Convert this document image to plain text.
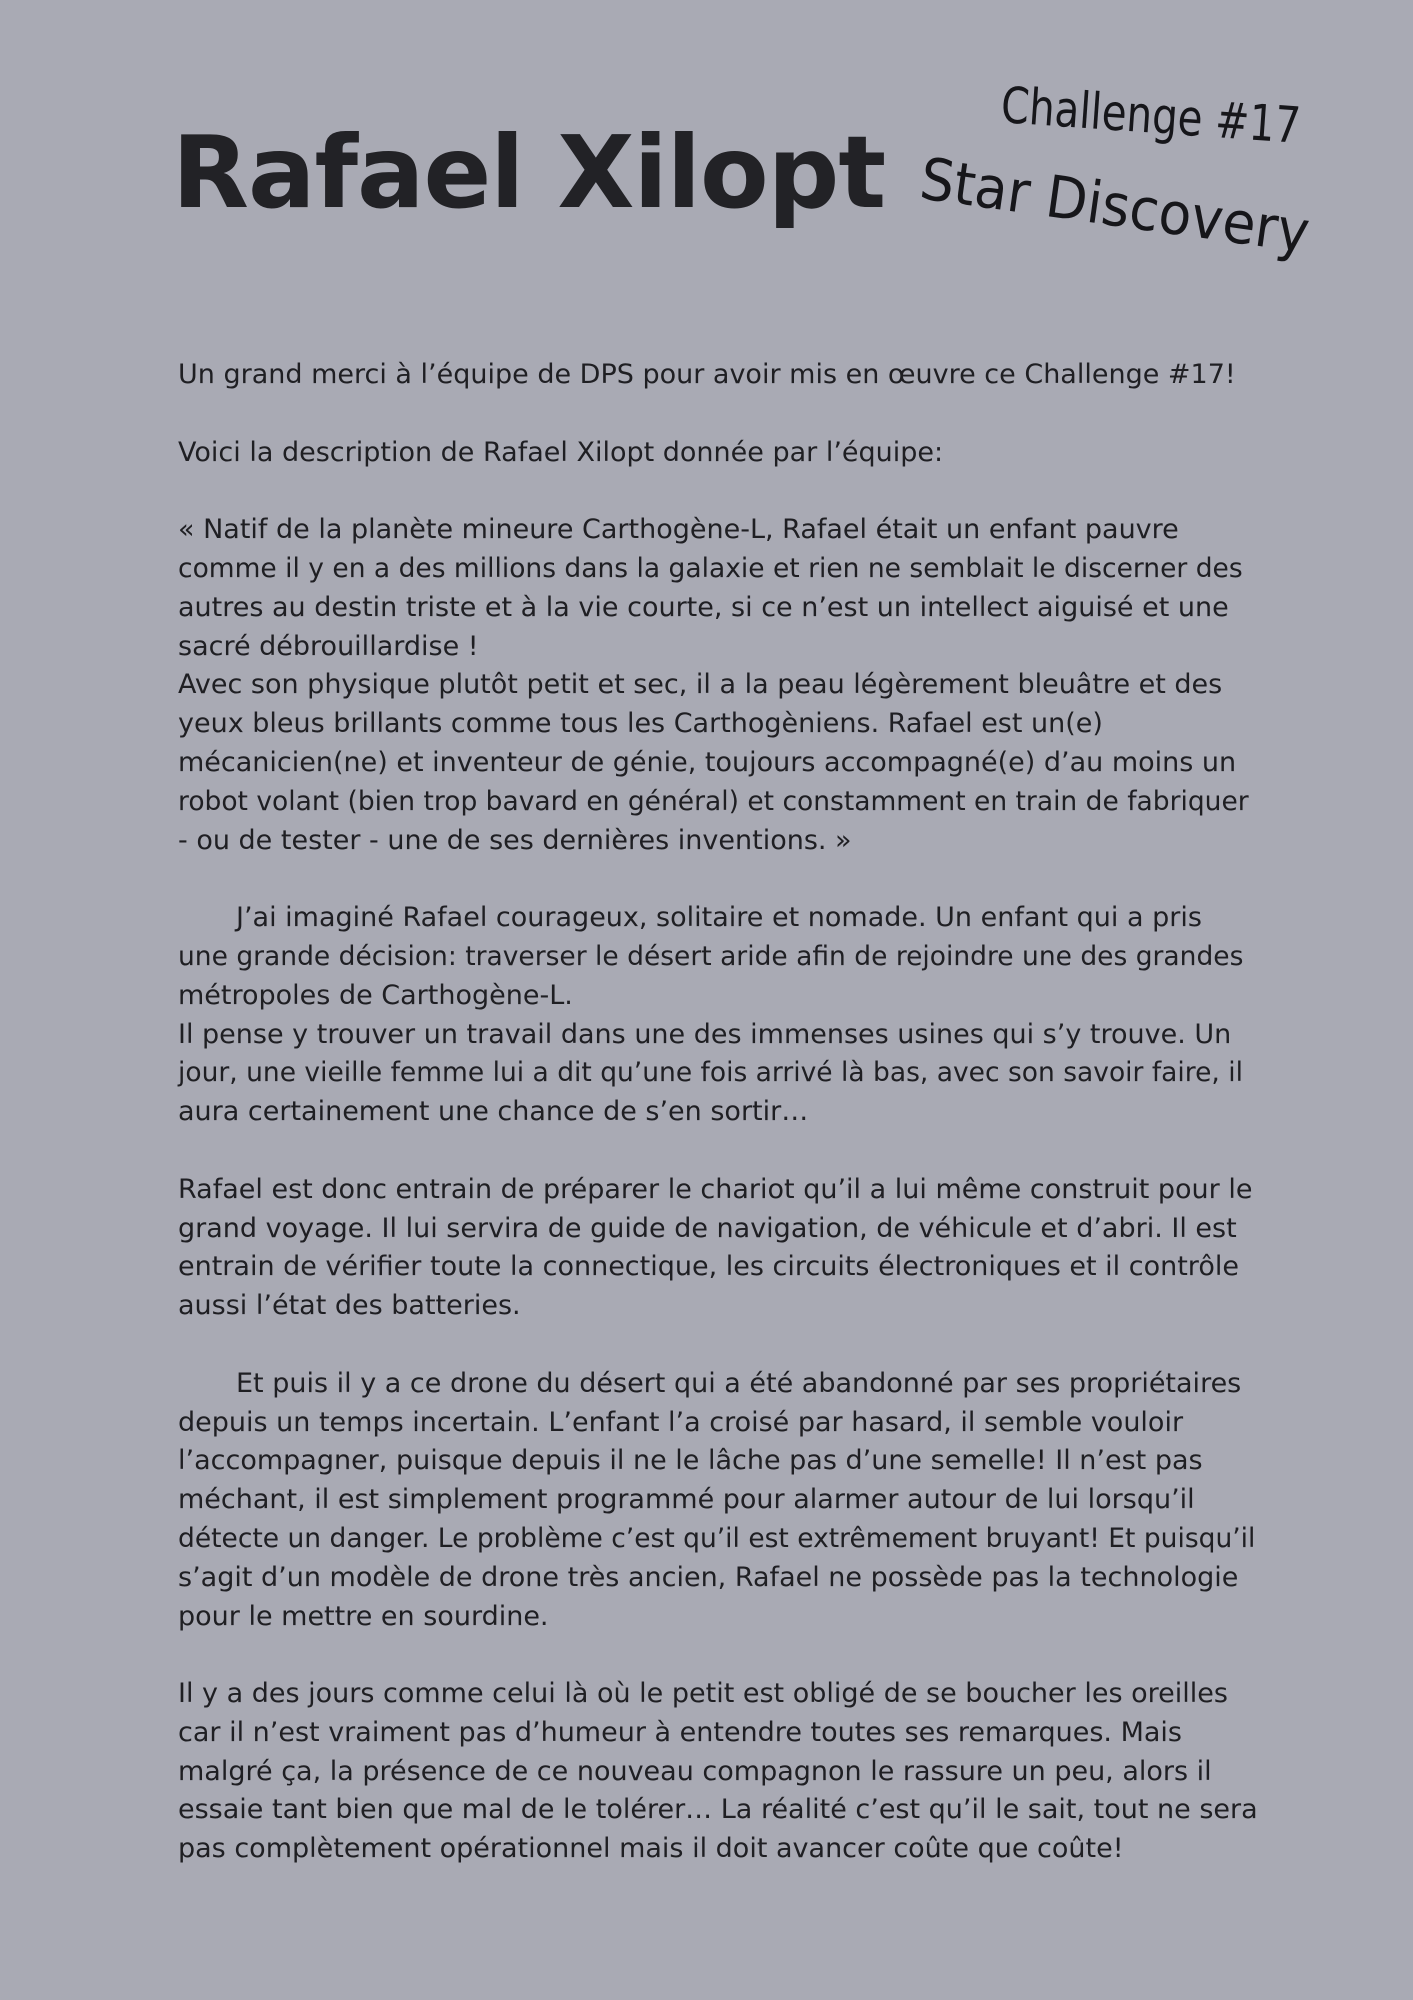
Rafael Xilopt Challenge #17
Star Discovery

Un grand merci à l’équipe de DPS pour avoir mis en œuvre ce Challenge #17!

Voici la description de Rafael Xilopt donnée par l’équipe:

« Natif de la planète mineure Carthogène-L, Rafael était un enfant pauvre

comme il y en a des millions dans la galaxie et rien ne semblait le discerner des

autres au destin triste et à la vie courte, si ce n’est un intellect aiguisé et une

sacré débrouillardise !

Avec son physique plutôt petit et sec, il a la peau légèrement bleuâtre et des

yeux bleus brillants comme tous les Carthogèniens. Rafael est un(e)

mécanicien(ne) et inventeur de génie, toujours accompagné(e) d’au moins un

robot volant (bien trop bavard en général) et constamment en train de fabriquer

- ou de tester - une de ses dernières inventions. »

J’ai imaginé Rafael courageux, solitaire et nomade. Un enfant qui a pris

une grande décision: traverser le désert aride afin de rejoindre une des grandes

métropoles de Carthogène-L.

Il pense y trouver un travail dans une des immenses usines qui s’y trouve. Un

jour, une vieille femme lui a dit qu’une fois arrivé là bas, avec son savoir faire, il

aura certainement une chance de s’en sortir…

Rafael est donc entrain de préparer le chariot qu’il a lui même construit pour le

grand voyage. Il lui servira de guide de navigation, de véhicule et d’abri. Il est

entrain de vérifier toute la connectique, les circuits électroniques et il contrôle

aussi l’état des batteries.

Et puis il y a ce drone du désert qui a été abandonné par ses propriétaires

depuis un temps incertain. L’enfant l’a croisé par hasard, il semble vouloir

l’accompagner, puisque depuis il ne le lâche pas d’une semelle! Il n’est pas

méchant, il est simplement programmé pour alarmer autour de lui lorsqu’il

détecte un danger. Le problème c’est qu’il est extrêmement bruyant! Et puisqu’il

s’agit d’un modèle de drone très ancien, Rafael ne possède pas la technologie

pour le mettre en sourdine.

Il y a des jours comme celui là où le petit est obligé de se boucher les oreilles

car il n’est vraiment pas d’humeur à entendre toutes ses remarques. Mais

malgré ça, la présence de ce nouveau compagnon le rassure un peu, alors il

essaie tant bien que mal de le tolérer… La réalité c’est qu’il le sait, tout ne sera

pas complètement opérationnel mais il doit avancer coûte que coûte!
